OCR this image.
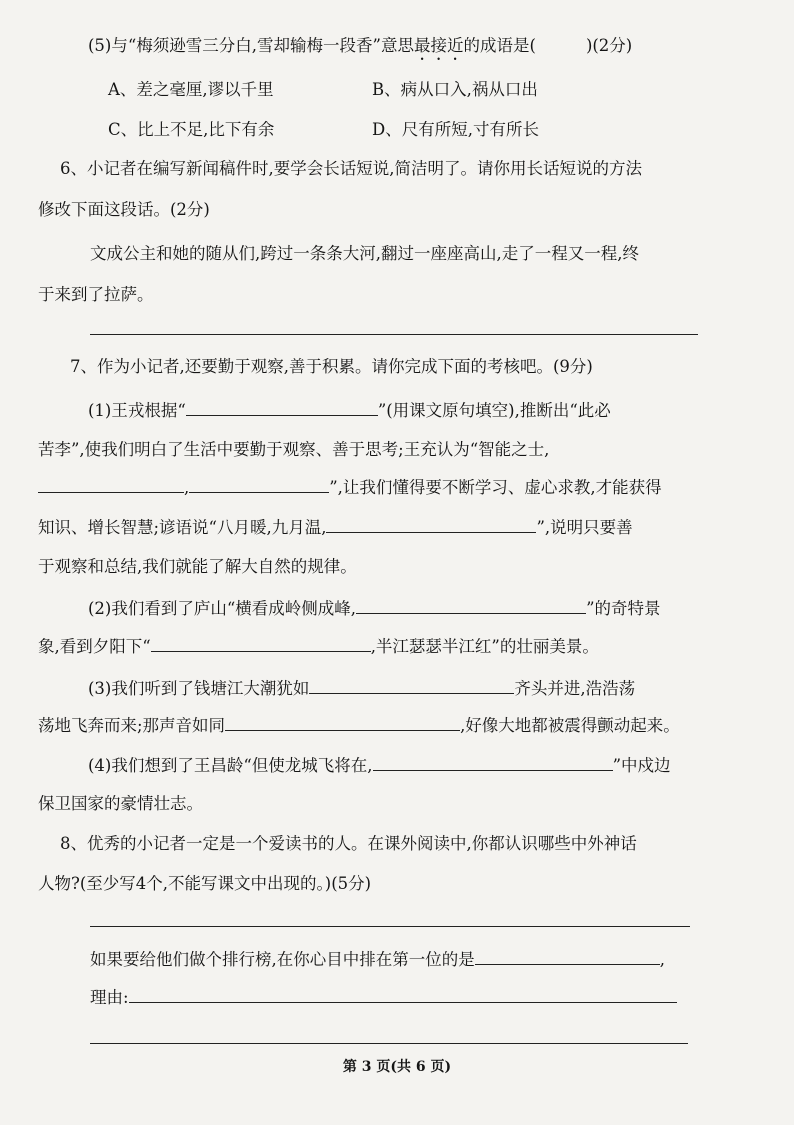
(5)与“梅须逊雪三分白,雪却输梅一段香”意思最接近的成语是(	)(2分)
A、差之毫厘,谬以千里	B、病从口入,祸从口出
C、比上不足,比下有余	D、尺有所短,寸有所长
6、小记者在编写新闻稿件时,要学会长话短说,简洁明了。请你用长话短说的方法
修改下面这段话。(2分)
文成公主和她的随从们,跨过一条条大河,翻过一座座高山,走了一程又一程,终
于来到了拉萨。
7、作为小记者,还要勤于观察,善于积累。请你完成下面的考核吧。(9分)
(1)王戎根据“	”(用课文原句填空),推断出“此必
苦李”,使我们明白了生活中要勤于观察、善于思考;王充认为“智能之士,
,	”,让我们懂得要不断学习、虚心求教,才能获得
知识、增长智慧;谚语说“八月暖,九月温,	”,说明只要善
于观察和总结,我们就能了解大自然的规律。
(2)我们看到了庐山“横看成岭侧成峰,	”的奇特景
象,看到夕阳下“	,半江瑟瑟半江红”的壮丽美景。
(3)我们听到了钱塘江大潮犹如	齐头并进,浩浩荡
荡地飞奔而来;那声音如同	,好像大地都被震得颤动起来。
(4)我们想到了王昌龄“但使龙城飞将在,	”中戍边
保卫国家的豪情壮志。
8、优秀的小记者一定是一个爱读书的人。在课外阅读中,你都认识哪些中外神话
人物?(至少写4个,不能写课文中出现的。)(5分)
如果要给他们做个排行榜,在你心目中排在第一位的是	,
理由:
第 3 页(共 6 页)
